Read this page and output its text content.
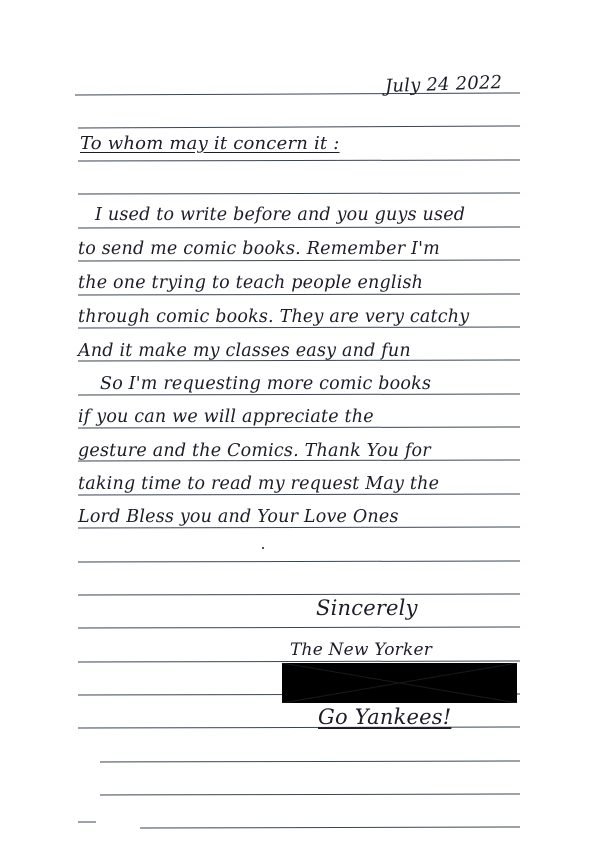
July 24 2022
To whom may it concern it :
I used to write before and you guys used
to send me comic books. Remember I'm
the one trying to teach people english
through comic books. They are very catchy
And it make my classes easy and fun
So I'm requesting more comic books
if you can we will appreciate the
gesture and the Comics. Thank You for
taking time to read my request May the
Lord Bless you and Your Love Ones
Sincerely
The New Yorker
Go Yankees!
